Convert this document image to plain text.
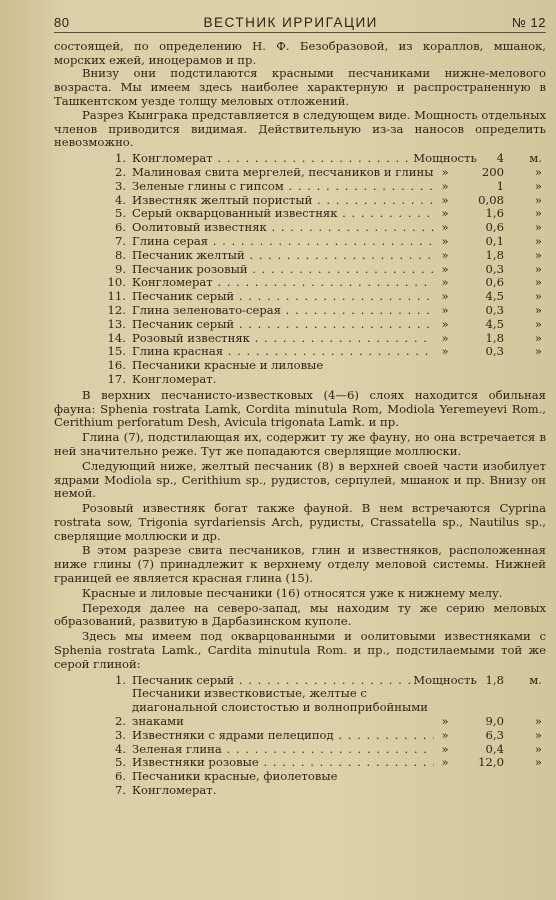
80	ВЕСТНИК ИРРИГАЦИИ	№ 12

состоящей, по определению Н. Ф. Безобразовой, из кораллов, мшанок, морских ежей, иноцерамов и пр.

Внизу они подстилаются красными песчаниками нижне-мелового возраста. Мы имеем здесь наиболее характерную и распространенную в Ташкентском уезде толщу меловых отложений.

Разрез Кынграка представляется в следующем виде. Мощность отдельных членов приводится видимая. Действительную из-за наносов определить невозможно.

1. Конгломерат . . .	Мощность	4	м.
2. Малиновая свита мергелей, песчаников и глины »	200	»
3. Зеленые глины с гипсом . . .	»	1	»
4. Известняк желтый пористый . . .	»	0,08	»
5. Серый окварцованный известняк . . .	»	1,6	»
6. Оолитовый известняк . . .	»	0,6	»
7. Глина серая . . .	»	0,1	»
8. Песчаник желтый . . .	»	1,8	»
9. Песчаник розовый . . .	»	0,3	»
10. Конгломерат . . .	»	0,6	»
11. Песчаник серый . . .	»	4,5	»
12. Глина зеленовато-серая . . .	»	0,3	»
13. Песчаник серый . . .	»	4,5	»
14. Розовый известняк . . .	»	1,8	»
15. Глина красная . . .	»	0,3	»
16. Песчаники красные и лиловые
17. Конгломерат.

В верхних песчанисто-известковых (4—6) слоях находится обильная фауна: Sphenia rostrata Lamk, Cordita minutula Rom, Modiola Yeremeyevi Rom., Cerithium perforatum Desh, Avicula trigonata Lamk. и пр.

Глина (7), подстилающая их, содержит ту же фауну, но она встречается в ней значительно реже. Тут же попадаются сверлящие моллюски.

Следующий ниже, желтый песчаник (8) в верхней своей части изобилует ядрами Modiola sp., Cerithium sp., рудистов, серпулей, мшанок и пр. Внизу он немой.

Розовый известняк богат также фауной. В нем встречаются Cyprina rostrata sow, Trigonia syrdariensis Arch, рудисты, Crassatella sp., Nautilus sp., сверлящие моллюски и др.

В этом разрезе свита песчаников, глин и известняков, расположенная ниже глины (7) принадлежит к верхнему отделу меловой системы. Нижней границей ее является красная глина (15).

Красные и лиловые песчаники (16) относятся уже к нижнему мелу.

Переходя далее на северо-запад, мы находим ту же серию меловых образований, развитую в Дарбазинском куполе.

Здесь мы имеем под окварцованными и оолитовыми известняками с Sphenia rostrata Lamk., Cardita minutula Rom. и пр., подстилаемыми той же серой глиной:

1. Песчаник серый . . .	Мощность 1,8	м.
2.
Песчаники известковистые, желтые с диагональной слоистостью и волноприбойными знаками	»	9,0	»
3. Известняки с ядрами пелеципод . . .	»	6,3	»
4. Зеленая глина . . .	»	0,4	»
5. Известняки розовые . . .	»	12,0	»
6. Песчаники красные, фиолетовые
7. Конгломерат.
